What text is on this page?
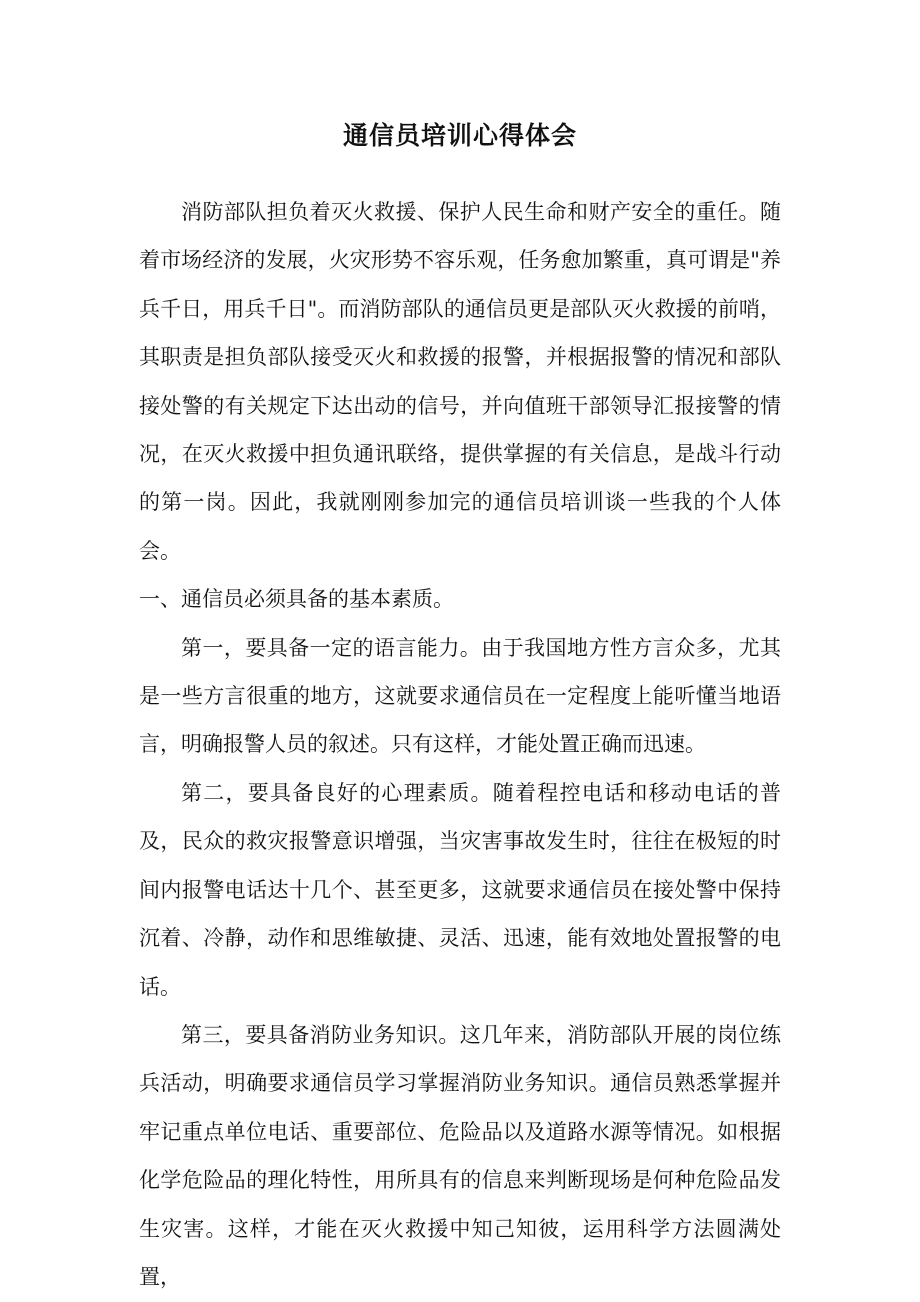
通信员培训心得体会

消防部队担负着灭火救援、保护人民生命和财产安全的重任。随着市场经济的发展，火灾形势不容乐观，任务愈加繁重，真可谓是"养兵千日，用兵千日"。而消防部队的通信员更是部队灭火救援的前哨，其职责是担负部队接受灭火和救援的报警，并根据报警的情况和部队接处警的有关规定下达出动的信号，并向值班干部领导汇报接警的情况，在灭火救援中担负通讯联络，提供掌握的有关信息，是战斗行动的第一岗。因此，我就刚刚参加完的通信员培训谈一些我的个人体会。

一、通信员必须具备的基本素质。

第一，要具备一定的语言能力。由于我国地方性方言众多，尤其是一些方言很重的地方，这就要求通信员在一定程度上能听懂当地语言，明确报警人员的叙述。只有这样，才能处置正确而迅速。

第二，要具备良好的心理素质。随着程控电话和移动电话的普及，民众的救灾报警意识增强，当灾害事故发生时，往往在极短的时间内报警电话达十几个、甚至更多，这就要求通信员在接处警中保持沉着、冷静，动作和思维敏捷、灵活、迅速，能有效地处置报警的电话。

第三，要具备消防业务知识。这几年来，消防部队开展的岗位练兵活动，明确要求通信员学习掌握消防业务知识。通信员熟悉掌握并牢记重点单位电话、重要部位、危险品以及道路水源等情况。如根据化学危险品的理化特性，用所具有的信息来判断现场是何种危险品发生灾害。这样，才能在灭火救援中知己知彼，运用科学方法圆满处置，
